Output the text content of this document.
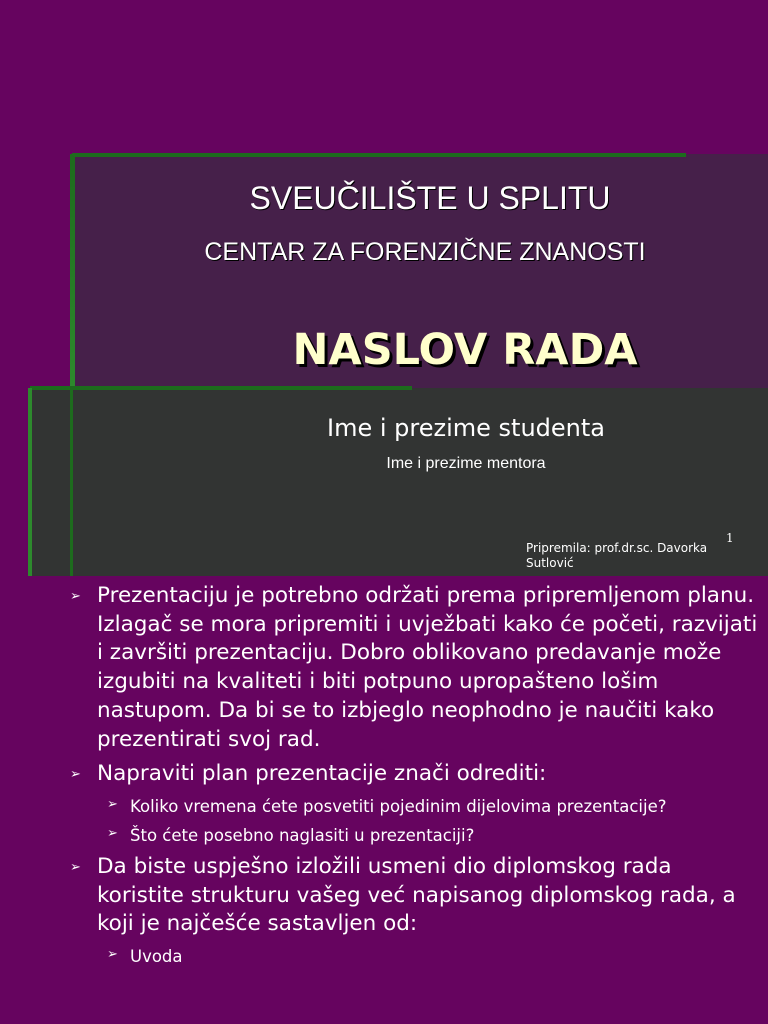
SVEUČILIŠTE U SPLITU
CENTAR ZA FORENZIČNE ZNANOSTI
NASLOV RADA
Ime i prezime studenta
Ime i prezime mentora
Pripremila: prof.dr.sc. Davorka Sutlović
1
➢ Prezentaciju je potrebno održati prema pripremljenom planu. Izlagač se mora pripremiti i uvježbati kako će početi, razvijati i završiti prezentaciju. Dobro oblikovano predavanje može izgubiti na kvaliteti i biti potpuno upropašteno lošim nastupom. Da bi se to izbjeglo neophodno je naučiti kako prezentirati svoj rad.
➢ Napraviti plan prezentacije znači odrediti:
➢ Koliko vremena ćete posvetiti pojedinim dijelovima prezentacije?
➢ Što ćete posebno naglasiti u prezentaciji?
➢ Da biste uspješno izložili usmeni dio diplomskog rada koristite strukturu vašeg već napisanog diplomskog rada, a koji je najčešće sastavljen od:
➢ Uvoda
